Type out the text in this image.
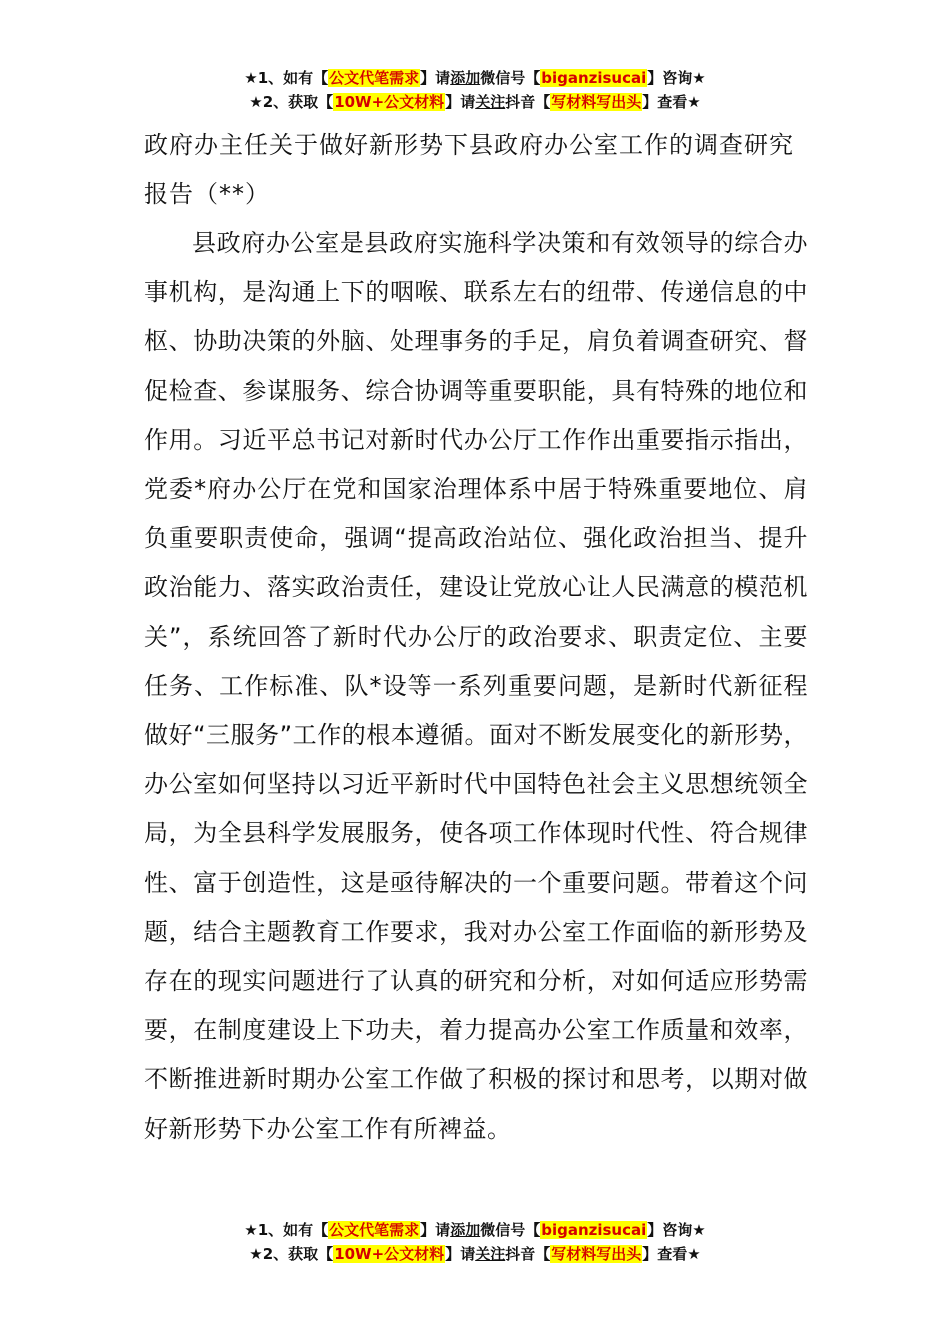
★1、如有【公文代笔需求】请添加微信号【biganzisucai】咨询★
★2、获取【10W+公文材料】请关注抖音【写材料写出头】查看★

政府办主任关于做好新形势下县政府办公室工作的调查研究报告（**）

县政府办公室是县政府实施科学决策和有效领导的综合办事机构，是沟通上下的咽喉、联系左右的纽带、传递信息的中枢、协助决策的外脑、处理事务的手足，肩负着调查研究、督促检查、参谋服务、综合协调等重要职能，具有特殊的地位和作用。习近平总书记对新时代办公厅工作作出重要指示指出，党委*府办公厅在党和国家治理体系中居于特殊重要地位、肩负重要职责使命，强调“提高政治站位、强化政治担当、提升政治能力、落实政治责任，建设让党放心让人民满意的模范机关”，系统回答了新时代办公厅的政治要求、职责定位、主要任务、工作标准、队*设等一系列重要问题，是新时代新征程做好“三服务”工作的根本遵循。面对不断发展变化的新形势，办公室如何坚持以习近平新时代中国特色社会主义思想统领全局，为全县科学发展服务，使各项工作体现时代性、符合规律性、富于创造性，这是亟待解决的一个重要问题。带着这个问题，结合主题教育工作要求，我对办公室工作面临的新形势及存在的现实问题进行了认真的研究和分析，对如何适应形势需要，在制度建设上下功夫，着力提高办公室工作质量和效率，不断推进新时期办公室工作做了积极的探讨和思考，以期对做好新形势下办公室工作有所裨益。

★1、如有【公文代笔需求】请添加微信号【biganzisucai】咨询★
★2、获取【10W+公文材料】请关注抖音【写材料写出头】查看★
